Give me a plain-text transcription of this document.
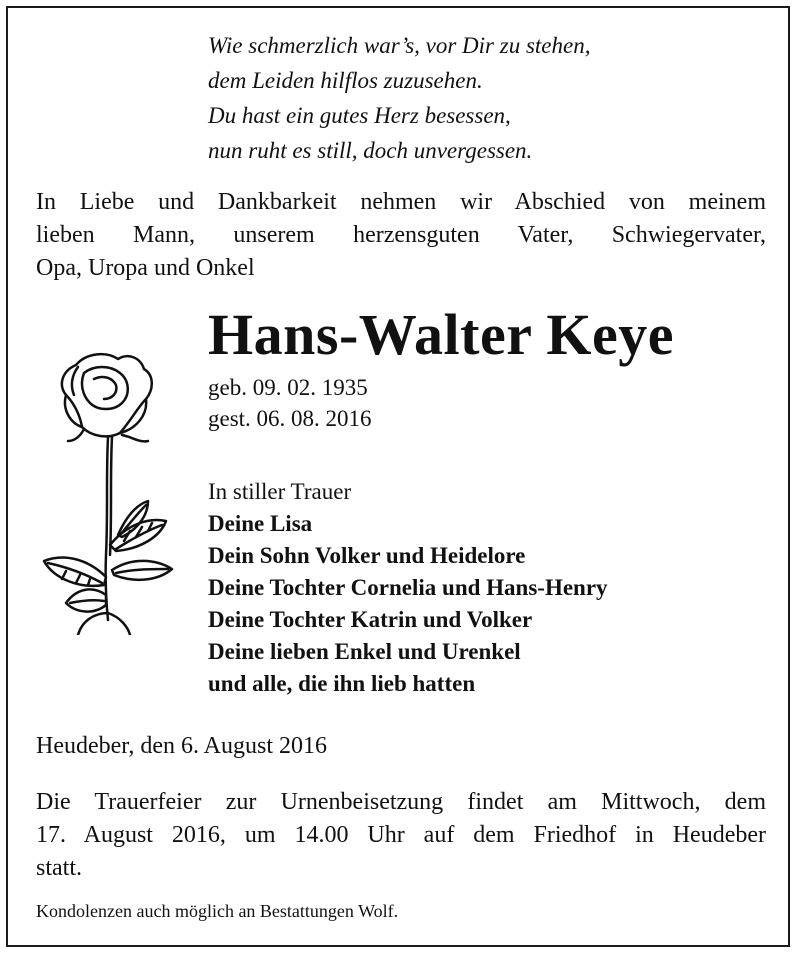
Wie schmerzlich war’s, vor Dir zu stehen,
dem Leiden hilflos zuzusehen.
Du hast ein gutes Herz besessen,
nun ruht es still, doch unvergessen.
In Liebe und Dankbarkeit nehmen wir Abschied von meinem
lieben Mann, unserem herzensguten Vater, Schwiegervater,
Opa, Uropa und Onkel
Hans-Walter Keye
geb. 09. 02. 1935
gest. 06. 08. 2016
In stiller Trauer
Deine Lisa
Dein Sohn Volker und Heidelore
Deine Tochter Cornelia und Hans-Henry
Deine Tochter Katrin und Volker
Deine lieben Enkel und Urenkel
und alle, die ihn lieb hatten
Heudeber, den 6. August 2016
Die Trauerfeier zur Urnenbeisetzung findet am Mittwoch, dem
17. August 2016, um 14.00 Uhr auf dem Friedhof in Heudeber
statt.
Kondolenzen auch möglich an Bestattungen Wolf.
